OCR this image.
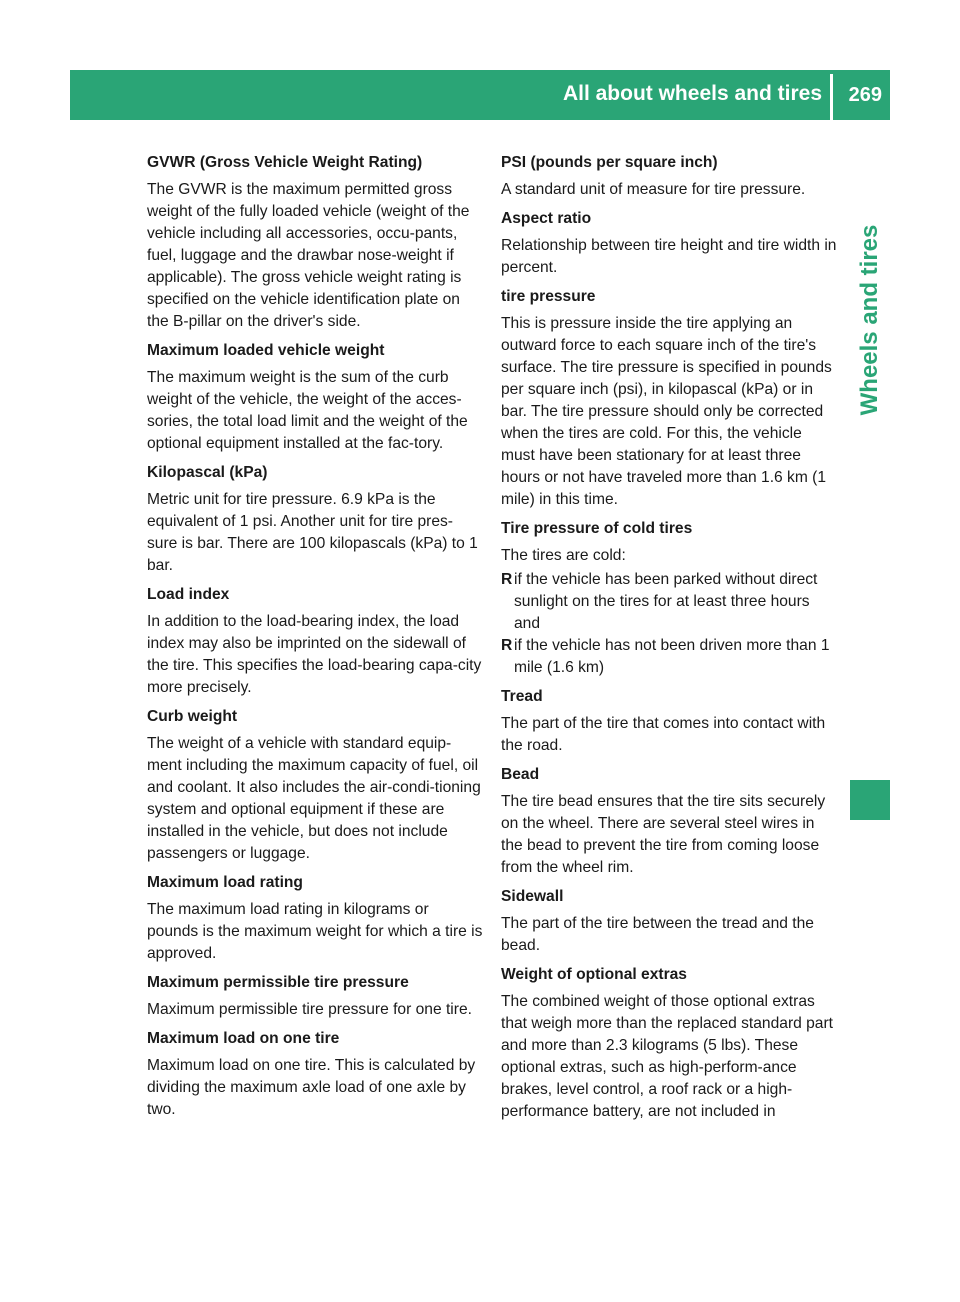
All about wheels and tires 269
Wheels and tires
GVWR (Gross Vehicle Weight Rating)

The GVWR is the maximum permitted gross weight of the fully loaded vehicle (weight of the vehicle including all accessories, occu-pants, fuel, luggage and the drawbar nose-weight if applicable). The gross vehicle weight rating is specified on the vehicle identification plate on the B-pillar on the driver's side.

Maximum loaded vehicle weight

The maximum weight is the sum of the curb weight of the vehicle, the weight of the acces-sories, the total load limit and the weight of the optional equipment installed at the fac-tory.

Kilopascal (kPa)

Metric unit for tire pressure. 6.9 kPa is the equivalent of 1 psi. Another unit for tire pres-sure is bar. There are 100 kilopascals (kPa) to 1 bar.

Load index

In addition to the load-bearing index, the load index may also be imprinted on the sidewall of the tire. This specifies the load-bearing capa-city more precisely.

Curb weight

The weight of a vehicle with standard equip-ment including the maximum capacity of fuel, oil and coolant. It also includes the air-condi-tioning system and optional equipment if these are installed in the vehicle, but does not include passengers or luggage.

Maximum load rating

The maximum load rating in kilograms or pounds is the maximum weight for which a tire is approved.

Maximum permissible tire pressure

Maximum permissible tire pressure for one tire.

Maximum load on one tire

Maximum load on one tire. This is calculated by dividing the maximum axle load of one axle by two.

PSI (pounds per square inch)

A standard unit of measure for tire pressure.

Aspect ratio

Relationship between tire height and tire width in percent.

tire pressure

This is pressure inside the tire applying an outward force to each square inch of the tire's surface. The tire pressure is specified in pounds per square inch (psi), in kilopascal (kPa) or in bar. The tire pressure should only be corrected when the tires are cold. For this, the vehicle must have been stationary for at least three hours or not have traveled more than 1.6 km (1 mile) in this time.

Tire pressure of cold tires

The tires are cold:

R if the vehicle has been parked without direct sunlight on the tires for at least three hours and
R if the vehicle has not been driven more than 1 mile (1.6 km)
Tread

The part of the tire that comes into contact with the road.

Bead

The tire bead ensures that the tire sits securely on the wheel. There are several steel wires in the bead to prevent the tire from coming loose from the wheel rim.

Sidewall

The part of the tire between the tread and the bead.

Weight of optional extras

The combined weight of those optional extras that weigh more than the replaced standard part and more than 2.3 kilograms (5 lbs). These optional extras, such as high-perform-ance brakes, level control, a roof rack or a high-performance battery, are not included in
